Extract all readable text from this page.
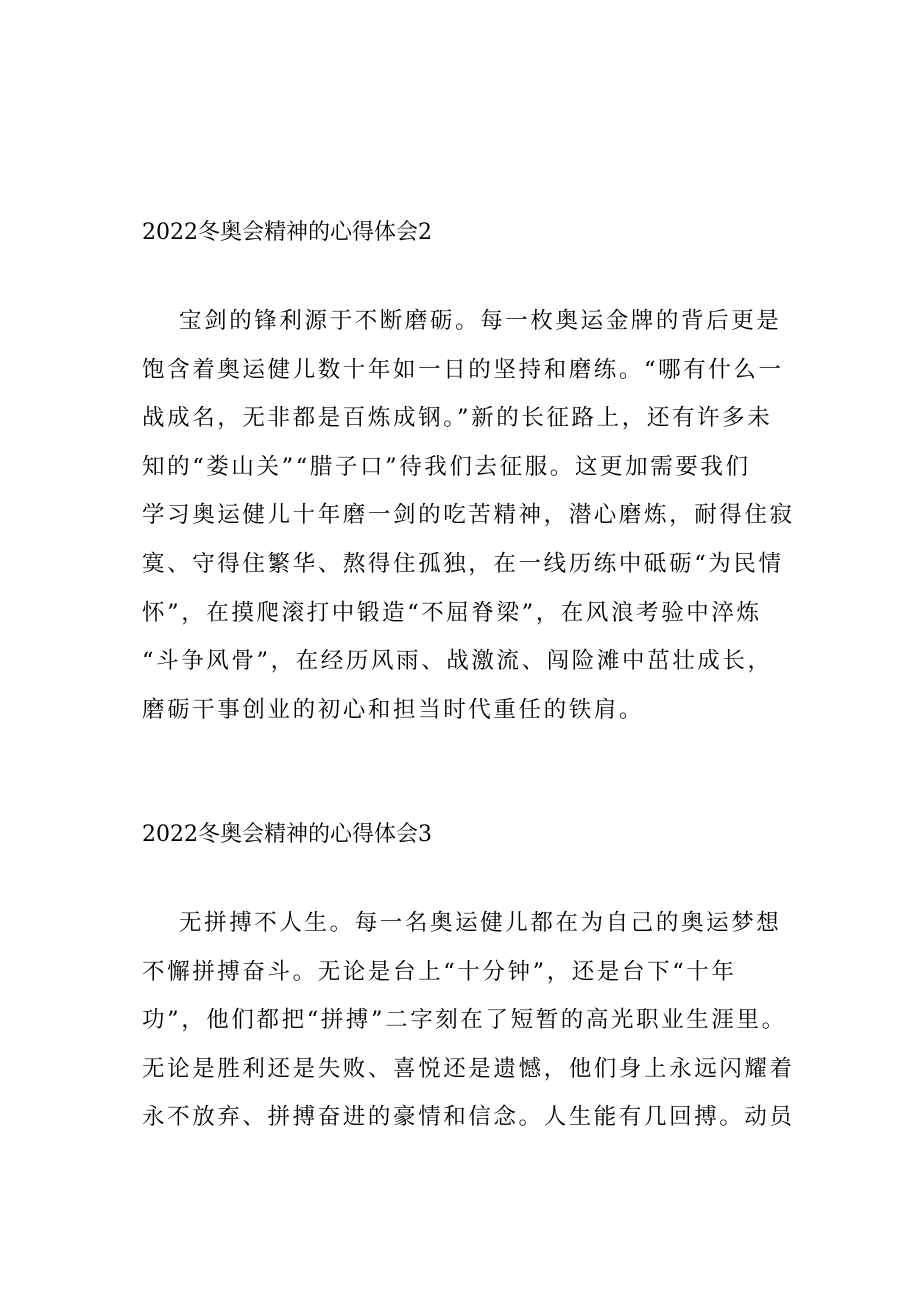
2022冬奥会精神的心得体会2
宝剑的锋利源于不断磨砺。每一枚奥运金牌的背后更是
饱含着奥运健儿数十年如一日的坚持和磨练。“哪有什么一
战成名，无非都是百炼成钢。”新的长征路上，还有许多未
知的“娄山关”“腊子口”待我们去征服。这更加需要我们
学习奥运健儿十年磨一剑的吃苦精神，潜心磨炼，耐得住寂
寞、守得住繁华、熬得住孤独，在一线历练中砥砺“为民情
怀”，在摸爬滚打中锻造“不屈脊梁”，在风浪考验中淬炼
“斗争风骨”，在经历风雨、战激流、闯险滩中茁壮成长，
磨砺干事创业的初心和担当时代重任的铁肩。
2022冬奥会精神的心得体会3
无拼搏不人生。每一名奥运健儿都在为自己的奥运梦想
不懈拼搏奋斗。无论是台上“十分钟”，还是台下“十年
功”，他们都把“拼搏”二字刻在了短暂的高光职业生涯里。
无论是胜利还是失败、喜悦还是遗憾，他们身上永远闪耀着
永不放弃、拼搏奋进的豪情和信念。人生能有几回搏。动员
